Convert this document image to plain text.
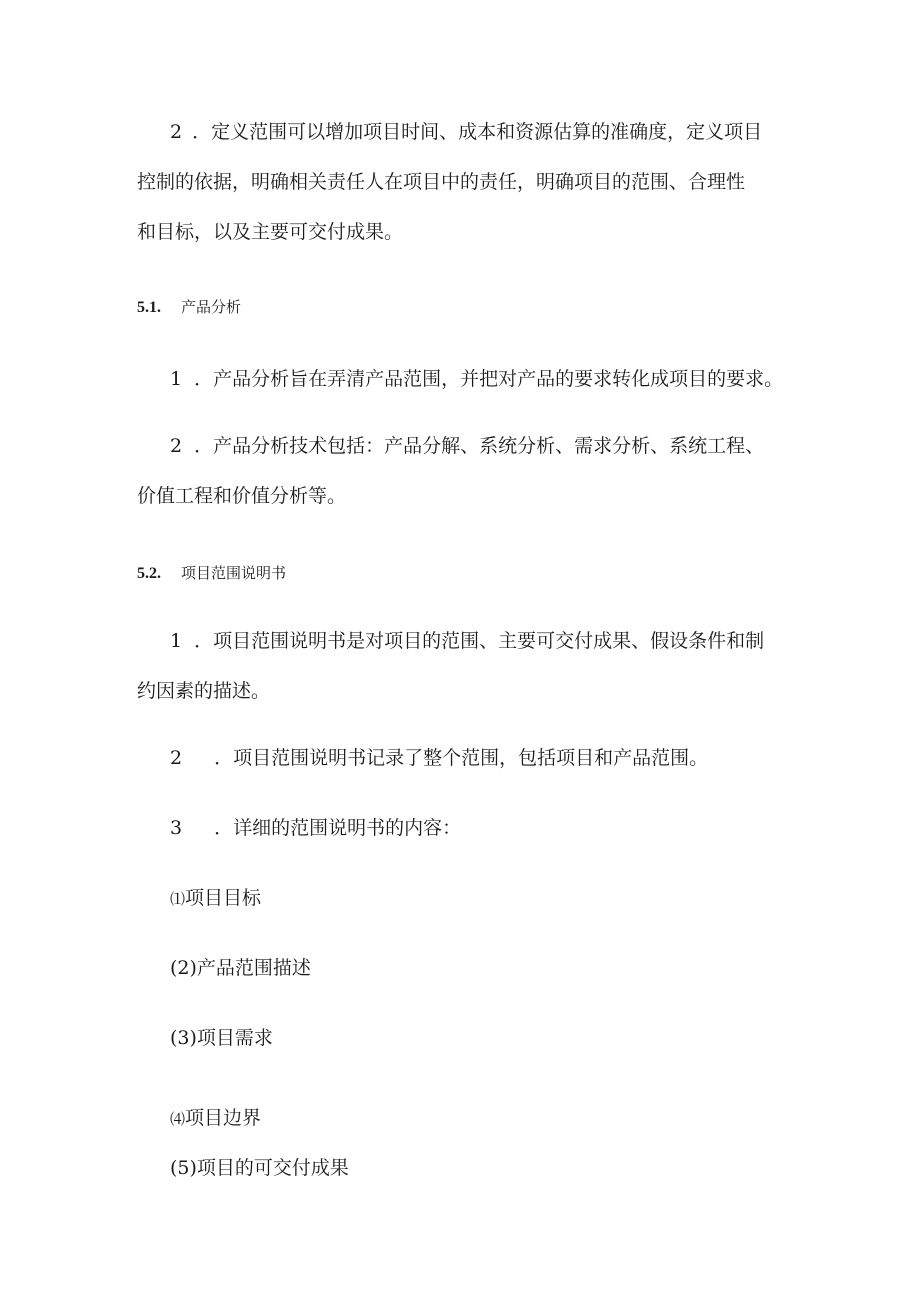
2 ．定义范围可以增加项目时间、成本和资源估算的准确度，定义项目
控制的依据，明确相关责任人在项目中的责任，明确项目的范围、合理性
和目标，以及主要可交付成果。
5.1. 产品分析
1 ．产品分析旨在弄清产品范围，并把对产品的要求转化成项目的要求。
2 ．产品分析技术包括：产品分解、系统分析、需求分析、系统工程、
价值工程和价值分析等。
5.2. 项目范围说明书
1 ．项目范围说明书是对项目的范围、主要可交付成果、假设条件和制
约因素的描述。
2 ．项目范围说明书记录了整个范围，包括项目和产品范围。
3 ．详细的范围说明书的内容：
⑴项目目标
(2)产品范围描述
(3)项目需求
⑷项目边界
(5)项目的可交付成果
